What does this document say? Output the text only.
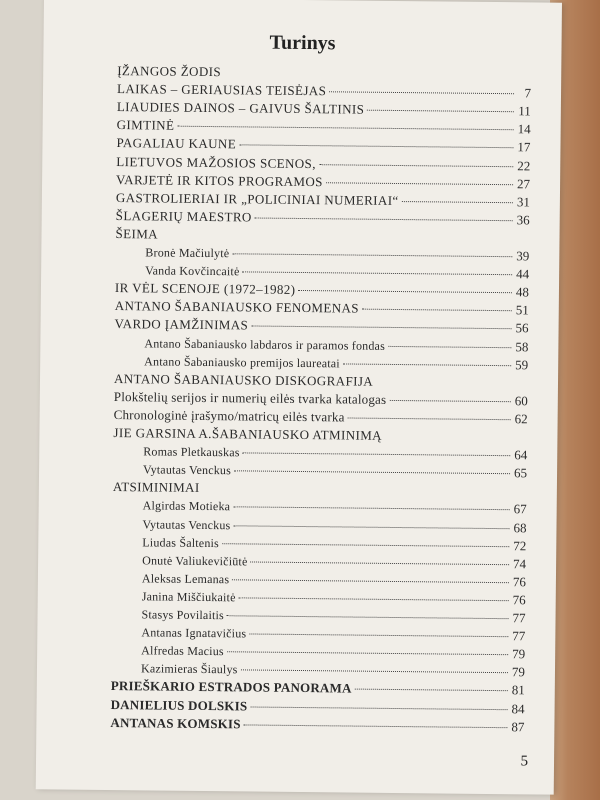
Turinys
ĮŽANGOS ŽODIS
LAIKAS – GERIAUSIAS TEISĖJAS	7
LIAUDIES DAINOS – GAIVUS ŠALTINIS	11
GIMTINĖ	14
PAGALIAU KAUNE	17
LIETUVOS MAŽOSIOS SCENOS,	22
VARJETĖ IR KITOS PROGRAMOS	27
GASTROLIERIAI IR „POLICINIAI NUMERIAI“	31
ŠLAGERIŲ MAESTRO	36
ŠEIMA
Bronė Mačiulytė	39
Vanda Kovčincaitė	44
IR VĖL SCENOJE (1972–1982)	48
ANTANO ŠABANIAUSKO FENOMENAS	51
VARDO ĮAMŽINIMAS	56
Antano Šabaniausko labdaros ir paramos fondas	58
Antano Šabaniausko premijos laureatai	59
ANTANO ŠABANIAUSKO DISKOGRAFIJA
Plokštelių serijos ir numerių eilės tvarka katalogas	60
Chronologinė įrašymo/matricų eilės tvarka	62
JIE GARSINA A.ŠABANIAUSKO ATMINIMĄ
Romas Pletkauskas	64
Vytautas Venckus	65
ATSIMINIMAI
Algirdas Motieka	67
Vytautas Venckus	68
Liudas Šaltenis	72
Onutė Valiukevičiūtė	74
Aleksas Lemanas	76
Janina Miščiukaitė	76
Stasys Povilaitis	77
Antanas Ignatavičius	77
Alfredas Macius	79
Kazimieras Šiaulys	79
PRIEŠKARIO ESTRADOS PANORAMA	81
DANIELIUS DOLSKIS	84
ANTANAS KOMSKIS	87
5
